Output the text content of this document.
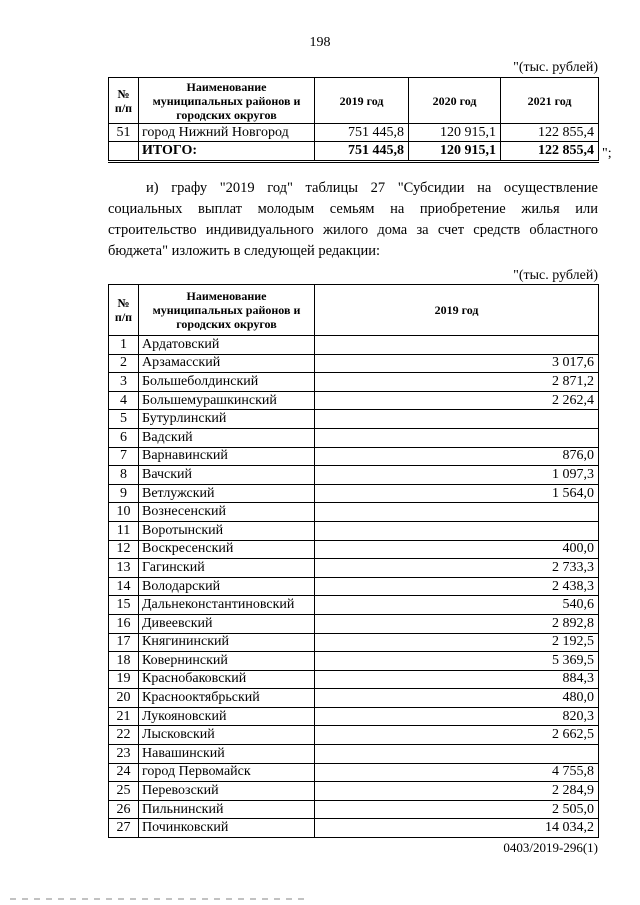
198
"(тыс. рублей)
№ п/п	Наименование муниципальных районов и городских округов	2019 год	2020 год	2021 год
51	город Нижний Новгород	751 445,8	120 915,1	122 855,4
	ИТОГО:	751 445,8	120 915,1	122 855,4 ";
и) графу "2019 год" таблицы 27 "Субсидии на осуществление социальных выплат молодым семьям на приобретение жилья или строительство индивидуального жилого дома за счет средств областного бюджета" изложить в следующей редакции:
"(тыс. рублей)
№ п/п	Наименование муниципальных районов и городских округов	2019 год
1	Ардатовский	
2	Арзамасский	3 017,6
3	Большеболдинский	2 871,2
4	Большемурашкинский	2 262,4
5	Бутурлинский	
6	Вадский	
7	Варнавинский	876,0
8	Вачский	1 097,3
9	Ветлужский	1 564,0
10	Вознесенский	
11	Воротынский	
12	Воскресенский	400,0
13	Гагинский	2 733,3
14	Володарский	2 438,3
15	Дальнеконстантиновский	540,6
16	Дивеевский	2 892,8
17	Княгининский	2 192,5
18	Ковернинский	5 369,5
19	Краснобаковский	884,3
20	Краснооктябрьский	480,0
21	Лукояновский	820,3
22	Лысковский	2 662,5
23	Навашинский	
24	город Первомайск	4 755,8
25	Перевозский	2 284,9
26	Пильнинский	2 505,0
27	Починковский	14 034,2
0403/2019-296(1)
